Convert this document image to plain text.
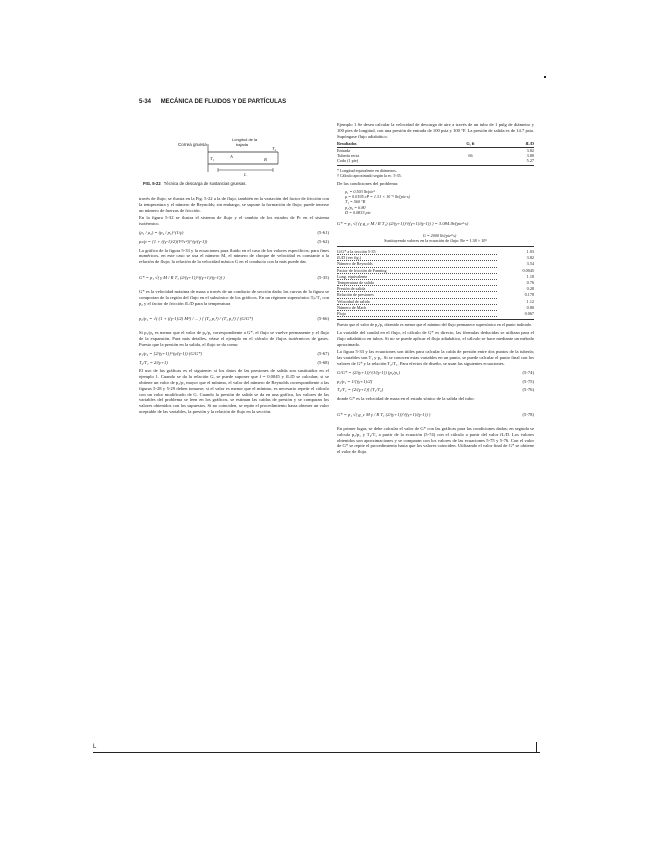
5-34 MECÁNICA DE FLUIDOS Y DE PARTÍCULAS
Correa gruesa
Longitud de la
bajada
T₁
T₂
A
B
L
FIG. 5-22 Técnica de descarga de sustancias gruesas.

través de flujo; se ilustra en la Fig. 5-22 a la de flujo, también en la variación del factor de fricción con la temperatura y el número de Reynolds; sin embargo, se supone la formación de flujo; puede tenerse un número de fuerzas de fricción.

En la figura 5-32 se ilustra el sistema de flujo y el cambio de los estados de Pr en el sistema isotérmico.

(ρ₁ / ρ₂) = (p₂ / p₁)^(1/γ)	(5-61)
pₛ/p = [1 + ((γ-1)/2)(V²/c²)]^(γ/(γ-1))	(5-62)

La gráfica de la figura 5-33 y la ecuaciones para fluido en el caso de los valores específicos; para fines numéricos, en este caso se usa el número M, el número de choque de velocidad es constante a la relación de flujo; la relación de la velocidad másica G en el conducto con la más puede dar.

G* = p₁ √( γ M / R T₁ (2/(γ+1))^((γ+1)/(γ-1)) )	(5-35)

G* es la velocidad máxima de masa a través de un conducto de sección dada; las curvas de la figura se comportan de la región del flujo en el subsónico de los gráficos. En un régimen supersónico Tₚ/T₁ con p₂ y el factor de fricción fL/D para la temperatura

p₂/p₁ = √( (1 + ((γ-1)/2) M²) / ... ) [ (T₂ p₁²) / (T₁ p₂²) ] (G/G*)	(5-66)

Si p₁/p₂ es menor que el valor de p₂/p₁ correspondiente a G*, el flujo se vuelve permanente y el flujo de la expansión. Para más detalles, véase el ejemplo en el cálculo de flujos isotérmicos de gases. Puesto que la presión en la salida, el flujo se da como:

p₁/p₂ = [2/(γ+1)]^(γ/(γ-1)) (G/G*)	(5-67)
T₂/T₁ = 2/(γ+1)	(5-68)

El uso de las gráficas es el siguiente: si los datos de las presiones de salida son sustituidos en el ejemplo 1. Cuando se da la relación G, se puede suponer que f = 0.0045 y fL/D se calculan; si se obtiene un valor de p₂/p₁ mayor que el mínimo, el valor del número de Reynolds correspondiente a las figuras 5-28 y 5-29 deben tomarse; si el valor es menor que el mínimo, es necesario repetir el cálculo con un valor modificado de G. Cuando la presión de salida se da en una gráfica, los valores de las variables del problema se leen en los gráficos, se estiman las caídas de presión y se comparan los valores obtenidos con los supuestos. Si no coinciden, se repite el procedimiento hasta obtener un valor aceptable de las variables, la presión y la relación de flujo en la sección.

Ejemplo 1 Se desea calcular la velocidad de descarga de aire a través de un tubo de 1 pulg de diámetro y 100 pies de longitud, con una presión de entrada de 100 psia y 100 °F. La presión de salida es de 14.7 psia. Supóngase flujo adiabático.

Resultados	G, ft	fL/D
Entrada		3.82
Tubería recta	66	3.80
Codo (1 pie)		5.27
* Longitud equivalente en diámetros.
† Cálculo aproximado según la ec. 5-35.

De las condiciones del problema:

ρ₁ = 0.503 lb/pie³
μ = 0.0195 cP = 1.31 × 10⁻⁵ lb/(pie·s)
T₁ = 560 °R
p₁/p₂ = 6.80
D = 0.0833 pie
G* = p₁ √( (γ g_c M / R T₁) (2/(γ+1))^((γ+1)/(γ-1)) ) = 3.084 lb/(pie²·s)
G = 2000 lb/(pie²·s)
Sustituyendo valores en la ecuación de flujo: Re = 1.38 × 10⁵
G/G* a la sección 5-35	1.03
fL/D (ver fig.)	3.82
Número de Reynolds	3.54
Factor de fricción de Fanning	0.0045
Long. equivalente	1.18
Temperatura de salida	0.76
Presión de salida	0.28
Relación de presiones	0.178
Velocidad de salida	1.12
Número de Mach	0.80
Flujo	0.067

Puesto que el valor de p₂/p₁ obtenido es menor que el mínimo del flujo permanece supersónico en el punto indicado.

La variable del caudal en el flujo, el cálculo de G* es directo, las fórmulas deducidas se utilizan para el flujo adiabático en tubos. Si no se puede aplicar el flujo adiabático, el cálculo se hace mediante un método aproximado.

La figura 5-33 y las ecuaciones son útiles para calcular la caída de presión entre dos puntos de la tubería; las variables son T₁ y p₁. Si se conocen estas variables en un punto, se puede calcular el punto final con los valores de G* y la relación T₂/T₁. Para efectos de diseño, se usan las siguientes ecuaciones.

G/G* = (2/(γ+1))^(1/(γ-1)) (p₂/p₁)	(5-74)
p₂/p₁ = 1/[(γ+1)/2]	(5-75)
T₂/T₁ = [2/(γ+1)] (T₁/T₂)	(5-76)

donde G* es la velocidad de masa en el estado sónico de la salida del tubo:

G* = p₁ √( g_c M γ / R T₁ (2/(γ+1))^((γ+1)/(γ-1)) )	(5-78)

En primer lugar, se debe calcular el valor de G* con las gráficas para las condiciones dadas; en seguida se calcula p₂/p₁ y T₂/T₁ a partir de la ecuación (5-74) con el cálculo a partir del valor fL/D. Los valores obtenidos son aproximaciones y se comparan con los valores de las ecuaciones 5-75 y 5-76. Con el valor de G* se repite el procedimiento hasta que los valores coinciden. Utilizando el valor final de G* se obtiene el valor de flujo.

L
